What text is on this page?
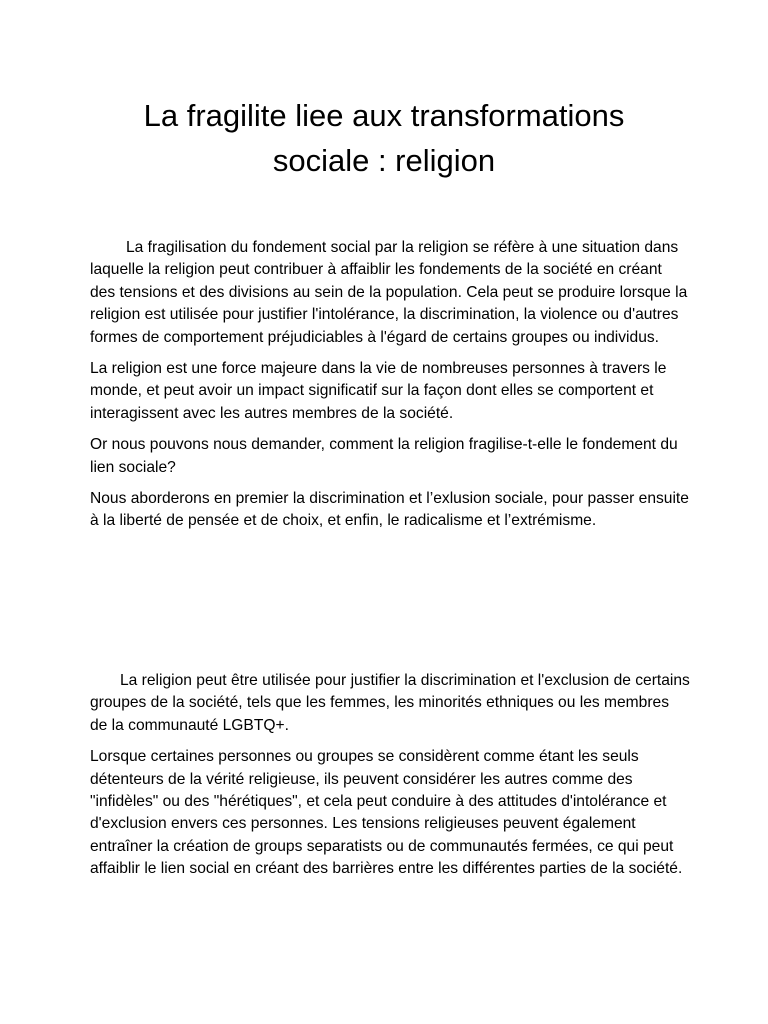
La fragilite liee aux transformations
sociale : religion

La fragilisation du fondement social par la religion se réfère à une situation dans laquelle la religion peut contribuer à affaiblir les fondements de la société en créant des tensions et des divisions au sein de la population. Cela peut se produire lorsque la religion est utilisée pour justifier l'intolérance, la discrimination, la violence ou d'autres formes de comportement préjudiciables à l'égard de certains groupes ou individus.

La religion est une force majeure dans la vie de nombreuses personnes à travers le monde, et peut avoir un impact significatif sur la façon dont elles se comportent et interagissent avec les autres membres de la société.

Or nous pouvons nous demander, comment la religion fragilise-t-elle le fondement du lien sociale?

Nous aborderons en premier la discrimination et l’exlusion sociale, pour passer ensuite à la liberté de pensée et de choix, et enfin, le radicalisme et l’extrémisme.

La religion peut être utilisée pour justifier la discrimination et l'exclusion de certains groupes de la société, tels que les femmes, les minorités ethniques ou les membres de la communauté LGBTQ+.

Lorsque certaines personnes ou groupes se considèrent comme étant les seuls détenteurs de la vérité religieuse, ils peuvent considérer les autres comme des "infidèles" ou des "hérétiques", et cela peut conduire à des attitudes d'intolérance et d'exclusion envers ces personnes. Les tensions religieuses peuvent également entraîner la création de groups separatists ou de communautés fermées, ce qui peut affaiblir le lien social en créant des barrières entre les différentes parties de la société.
